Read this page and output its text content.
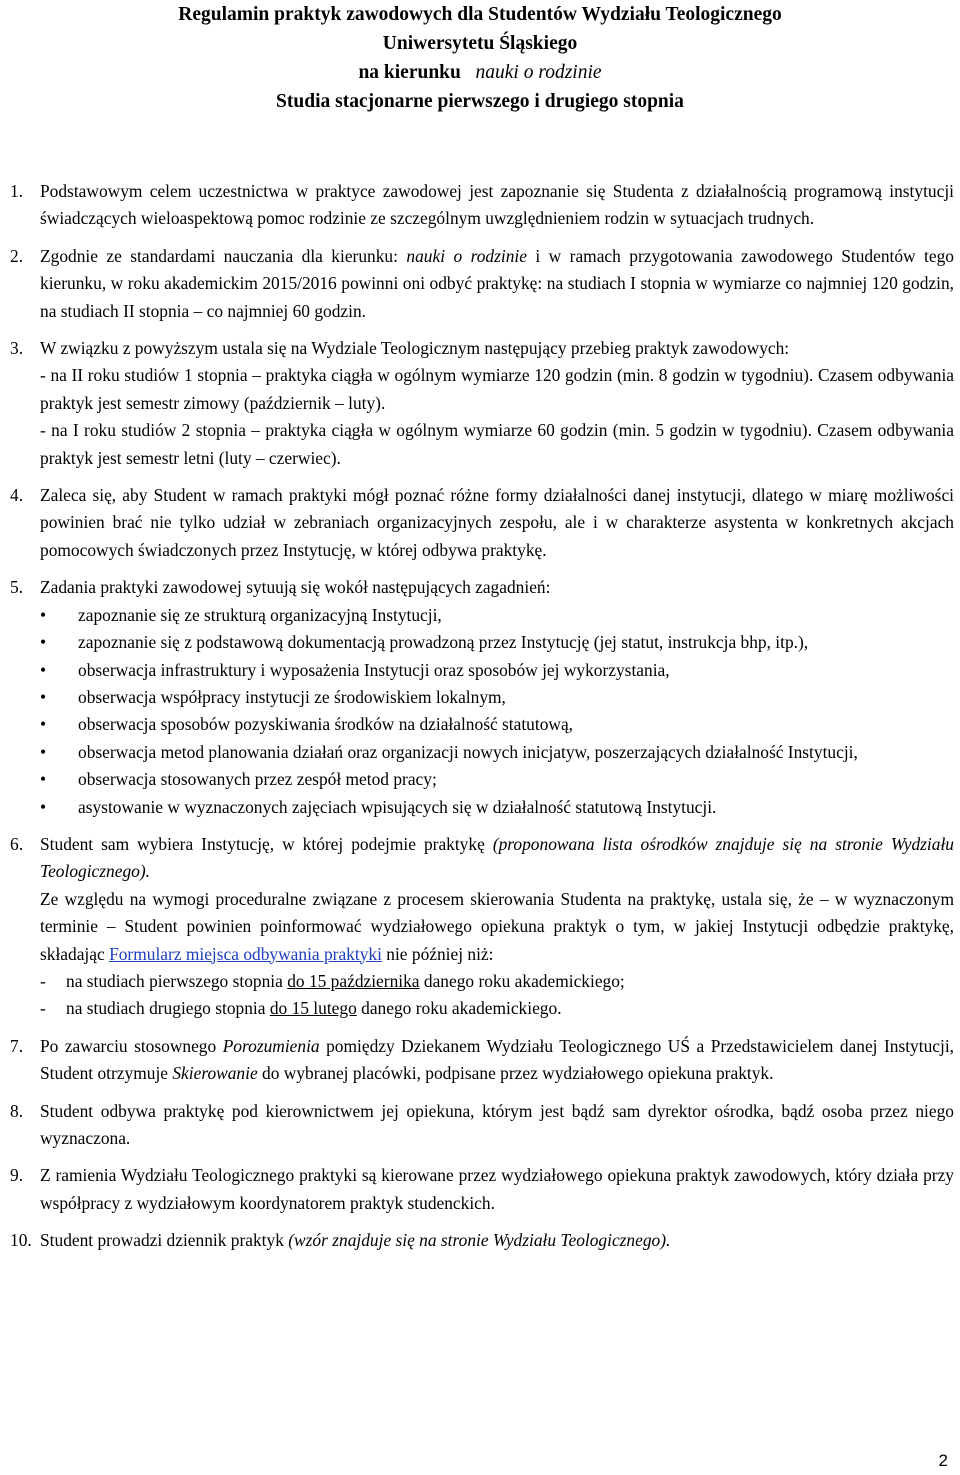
Regulamin praktyk zawodowych dla Studentów Wydziału Teologicznego
Uniwersytetu Śląskiego
na kierunku nauki o rodzinie
Studia stacjonarne pierwszego i drugiego stopnia
1. Podstawowym celem uczestnictwa w praktyce zawodowej jest zapoznanie się Studenta z działalnością programową instytucji świadczących wieloaspektową pomoc rodzinie ze szczególnym uwzględnieniem rodzin w sytuacjach trudnych.
2. Zgodnie ze standardami nauczania dla kierunku: nauki o rodzinie i w ramach przygotowania zawodowego Studentów tego kierunku, w roku akademickim 2015/2016 powinni oni odbyć praktykę: na studiach I stopnia w wymiarze co najmniej 120 godzin, na studiach II stopnia – co najmniej 60 godzin.
3. W związku z powyższym ustala się na Wydziale Teologicznym następujący przebieg praktyk zawodowych:
- na II roku studiów 1 stopnia – praktyka ciągła w ogólnym wymiarze 120 godzin (min. 8 godzin w tygodniu). Czasem odbywania praktyk jest semestr zimowy (październik – luty).
- na I roku studiów 2 stopnia – praktyka ciągła w ogólnym wymiarze 60 godzin (min. 5 godzin w tygodniu). Czasem odbywania praktyk jest semestr letni (luty – czerwiec).
4. Zaleca się, aby Student w ramach praktyki mógł poznać różne formy działalności danej instytucji, dlatego w miarę możliwości powinien brać nie tylko udział w zebraniach organizacyjnych zespołu, ale i w charakterze asystenta w konkretnych akcjach pomocowych świadczonych przez Instytucję, w której odbywa praktykę.
5. Zadania praktyki zawodowej sytuują się wokół następujących zagadnień:
•	zapoznanie się ze strukturą organizacyjną Instytucji,
•	zapoznanie się z podstawową dokumentacją prowadzoną przez Instytucję (jej statut, instrukcja bhp, itp.),
•	obserwacja infrastruktury i wyposażenia Instytucji oraz sposobów jej wykorzystania,
•	obserwacja współpracy instytucji ze środowiskiem lokalnym,
•	obserwacja sposobów pozyskiwania środków na działalność statutową,
•	obserwacja metod planowania działań oraz organizacji nowych inicjatyw, poszerzających działalność Instytucji,
•	obserwacja stosowanych przez zespół metod pracy;
•	asystowanie w wyznaczonych zajęciach wpisujących się w działalność statutową Instytucji.
6. Student sam wybiera Instytucję, w której podejmie praktykę (proponowana lista ośrodków znajduje się na stronie Wydziału Teologicznego).
Ze względu na wymogi proceduralne związane z procesem skierowania Studenta na praktykę, ustala się, że – w wyznaczonym terminie – Student powinien poinformować wydziałowego opiekuna praktyk o tym, w jakiej Instytucji odbędzie praktykę, składając Formularz miejsca odbywania praktyki nie później niż:
-	na studiach pierwszego stopnia do 15 października danego roku akademickiego;
-	na studiach drugiego stopnia do 15 lutego danego roku akademickiego.
7. Po zawarciu stosownego Porozumienia pomiędzy Dziekanem Wydziału Teologicznego UŚ a Przedstawicielem danej Instytucji, Student otrzymuje Skierowanie do wybranej placówki, podpisane przez wydziałowego opiekuna praktyk.
8. Student odbywa praktykę pod kierownictwem jej opiekuna, którym jest bądź sam dyrektor ośrodka, bądź osoba przez niego wyznaczona.
9. Z ramienia Wydziału Teologicznego praktyki są kierowane przez wydziałowego opiekuna praktyk zawodowych, który działa przy współpracy z wydziałowym koordynatorem praktyk studenckich.
10. Student prowadzi dziennik praktyk (wzór znajduje się na stronie Wydziału Teologicznego).
2
